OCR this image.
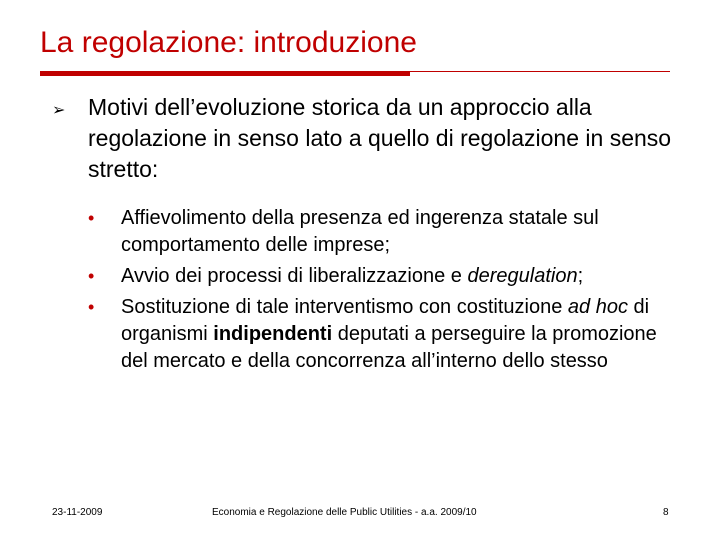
La regolazione: introduzione
➢ Motivi dell’evoluzione storica da un approccio alla regolazione in senso lato a quello di regolazione in senso stretto:
• Affievolimento della presenza ed ingerenza statale sul comportamento delle imprese;
• Avvio dei processi di liberalizzazione e deregulation;
• Sostituzione di tale interventismo con costituzione ad hoc di organismi indipendenti deputati a perseguire la promozione del mercato e della concorrenza all’interno dello stesso
23-11-2009	Economia e Regolazione delle Public Utilities - a.a. 2009/10	8
